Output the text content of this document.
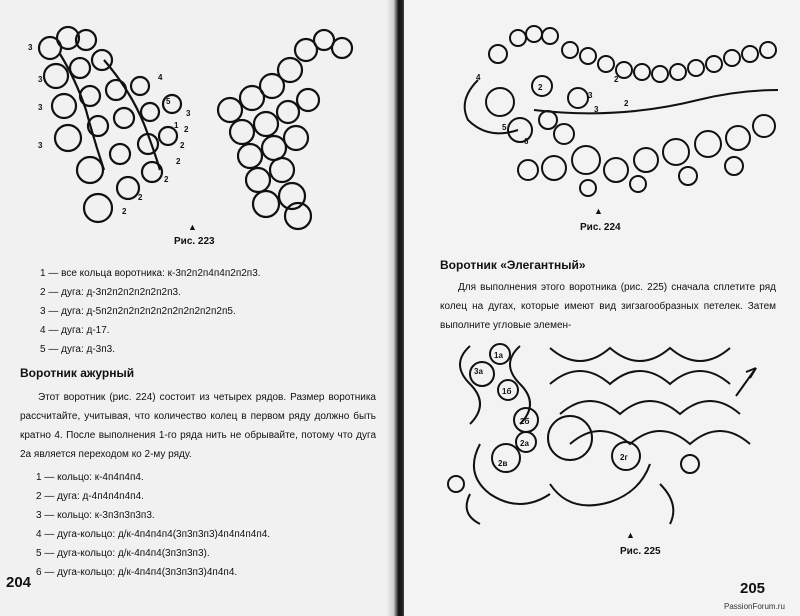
3
3
3
3
4
5
3
2
2
2
2
2
2
1
▲
Рис. 223
1 — все кольца воротника: к-3п2п2п4п4п2п2п3.
2 — дуга: д-3п2п2п2п2п2п2п3.
3 — дуга: д-5п2п2п2п2п2п2п2п2п2п2п2п5.
4 — дуга: д-17.
5 — дуга: д-3п3.
Воротник ажурный

Этот воротник (рис. 224) состоит из четырех рядов. Размер воротника рассчитайте, учитывая, что количество колец в первом ряду должно быть кратно 4. После выполнения 1-го ряда нить не обрывайте, потому что дуга 2а является переходом ко 2-му ряду.

1 — кольцо: к-4п4п4п4.
2 — дуга: д-4п4п4п4п4.
3 — кольцо: к-3п3п3п3п3.
4 — дуга-кольцо: д/к-4п4п4п4(3п3п3п3)4п4п4п4п4.
5 — дуга-кольцо: д/к-4п4п4(3п3п3п3).
6 — дуга-кольцо: д/к-4п4п4(3п3п3п3)4п4п4.
204
4
5
6
2
3
3
2
2
▲
Рис. 224
Воротник «Элегантный»

Для выполнения этого воротника (рис. 225) сначала сплетите ряд колец на дугах, которые имеют вид зигзагообразных петелек. Затем выполните угловые элемен-

1а
3а
1б
2б
2а
2в
2г
▲
Рис. 225
205
PassionForum.ru
